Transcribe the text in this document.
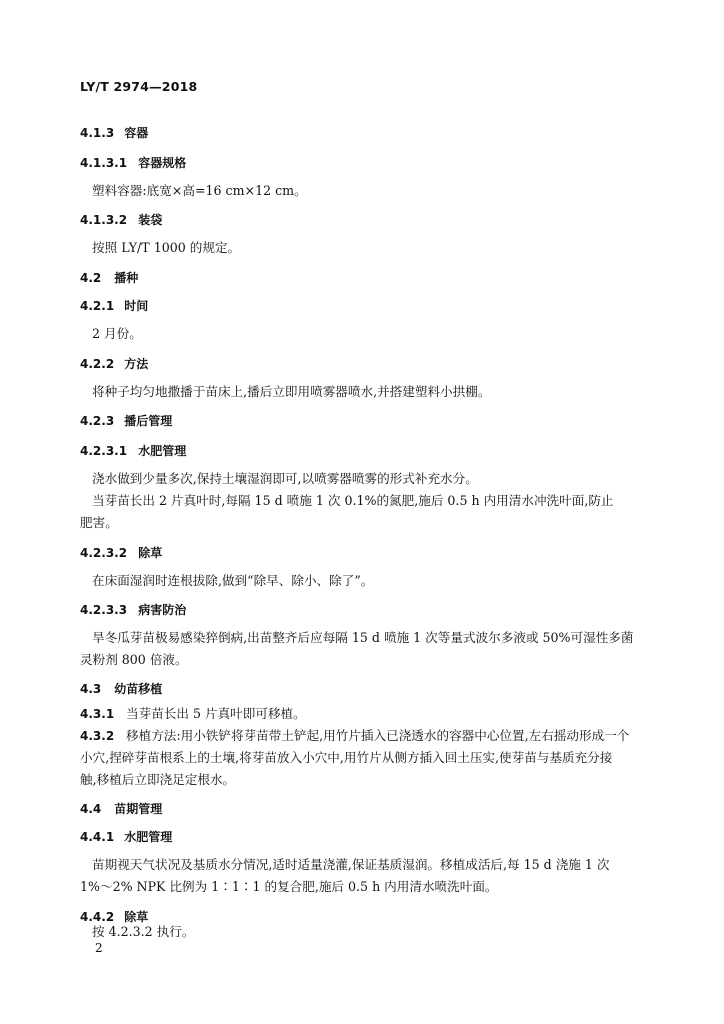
LY/T 2974—2018
4.1.3 容器
4.1.3.1 容器规格
塑料容器:底宽×高=16 cm×12 cm。
4.1.3.2 装袋
按照 LY/T 1000 的规定。
4.2 播种
4.2.1 时间
2 月份。
4.2.2 方法
将种子均匀地撒播于苗床上,播后立即用喷雾器喷水,并搭建塑料小拱棚。
4.2.3 播后管理
4.2.3.1 水肥管理
浇水做到少量多次,保持土壤湿润即可,以喷雾器喷雾的形式补充水分。
当芽苗长出 2 片真叶时,每隔 15 d 喷施 1 次 0.1%的氮肥,施后 0.5 h 内用清水冲洗叶面,防止
肥害。
4.2.3.2 除草
在床面湿润时连根拔除,做到“除早、除小、除了”。
4.2.3.3 病害防治
旱冬瓜芽苗极易感染猝倒病,出苗整齐后应每隔 15 d 喷施 1 次等量式波尔多液或 50%可湿性多菌
灵粉剂 800 倍液。
4.3 幼苗移植
4.3.1 当芽苗长出 5 片真叶即可移植。
4.3.2 移植方法:用小铁铲将芽苗带土铲起,用竹片插入已浇透水的容器中心位置,左右摇动形成一个
小穴,捏碎芽苗根系上的土壤,将芽苗放入小穴中,用竹片从侧方插入回土压实,使芽苗与基质充分接
触,移植后立即浇足定根水。
4.4 苗期管理
4.4.1 水肥管理
苗期视天气状况及基质水分情况,适时适量浇灌,保证基质湿润。移植成活后,每 15 d 浇施 1 次
1%～2% NPK 比例为 1∶1∶1 的复合肥,施后 0.5 h 内用清水喷洗叶面。
4.4.2 除草
按 4.2.3.2 执行。
2
